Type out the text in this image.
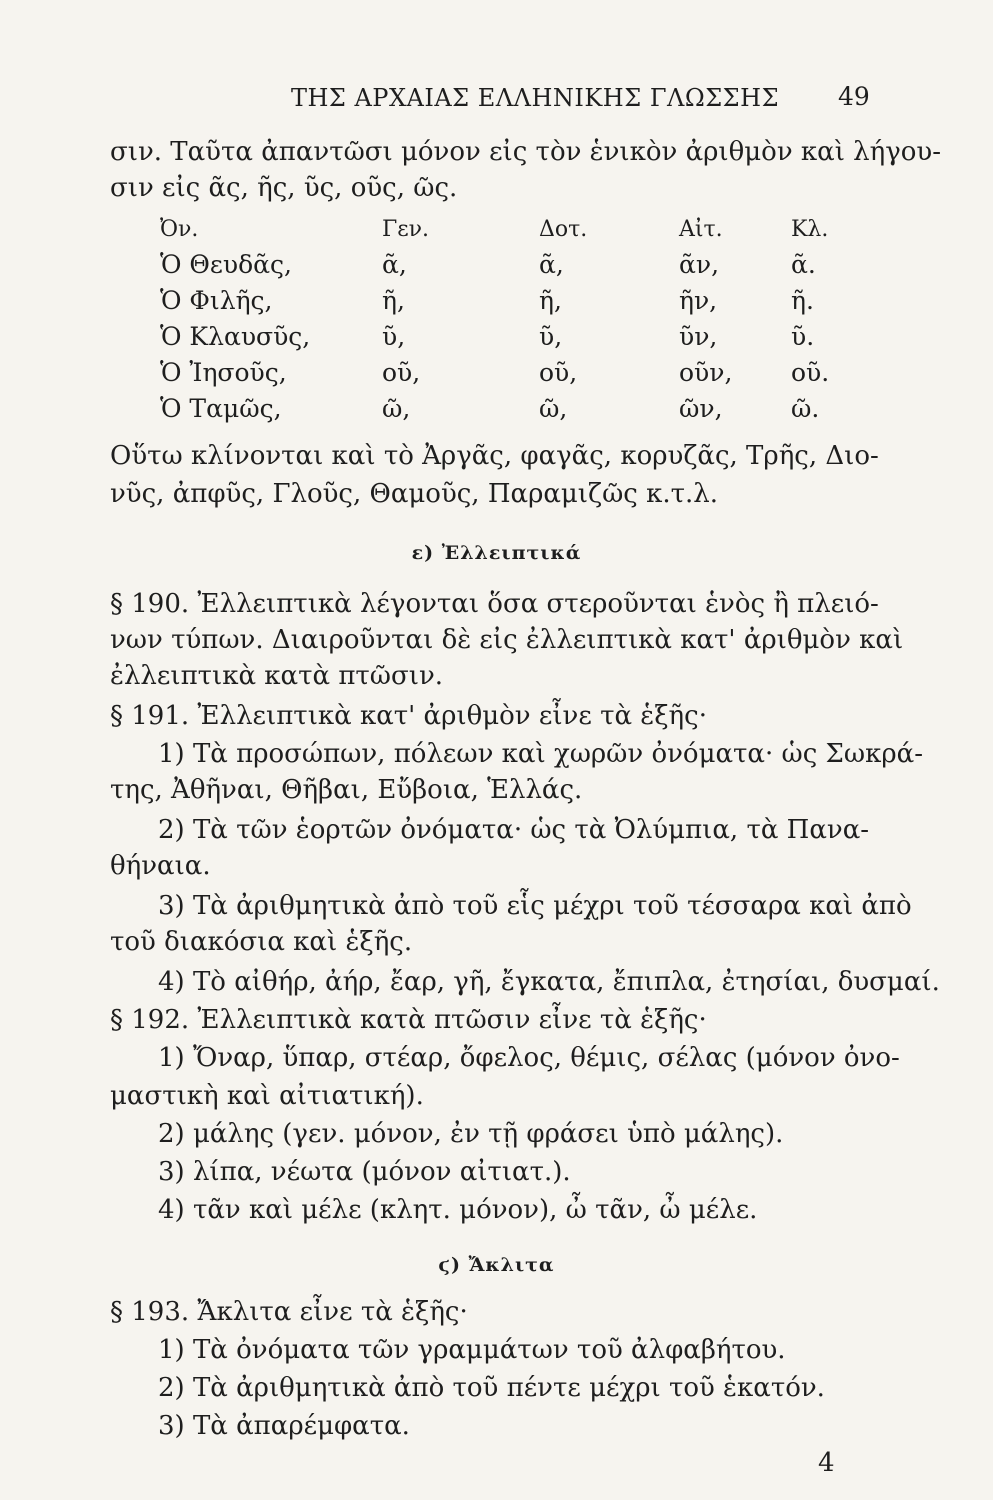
ΤΗΣ ΑΡΧΑΙΑΣ ΕΛΛΗΝΙΚΗΣ ΓΛΩΣΣΗΣ	49
σιν. Ταῦτα ἀπαντῶσι μόνον εἰς τὸν ἑνικὸν ἀριθμὸν καὶ λήγου-
σιν εἰς ᾶς, ῆς, ῦς, οῦς, ῶς.
Ὀν.	Γεν.	Δοτ.	Αἰτ.	Κλ.
Ὁ Θευδᾶς,	ᾶ,	ᾶ,	ᾶν,	ᾶ.
Ὁ Φιλῆς,	ῆ,	ῆ,	ῆν,	ῆ.
Ὁ Κλαυσῦς,	ῦ,	ῦ,	ῦν,	ῦ.
Ὁ Ἰησοῦς,	οῦ,	οῦ,	οῦν,	οῦ.
Ὁ Ταμῶς,	ῶ,	ῶ,	ῶν,	ῶ.
Οὕτω κλίνονται καὶ τὸ Ἀργᾶς, φαγᾶς, κορυζᾶς, Τρῆς, Διο-
νῦς, ἀπφῦς, Γλοῦς, Θαμοῦς, Παραμιζῶς κ.τ.λ.
ε) Ἐλλειπτικά
§ 190. Ἐλλειπτικὰ λέγονται ὅσα στεροῦνται ἑνὸς ἢ πλειό-
νων τύπων. Διαιροῦνται δὲ εἰς ἐλλειπτικὰ κατ' ἀριθμὸν καὶ
ἐλλειπτικὰ κατὰ πτῶσιν.
§ 191. Ἐλλειπτικὰ κατ' ἀριθμὸν εἶνε τὰ ἑξῆς·
1) Τὰ προσώπων, πόλεων καὶ χωρῶν ὀνόματα· ὡς Σωκρά-
της, Ἀθῆναι, Θῆβαι, Εὔβοια, Ἑλλάς.
2) Τὰ τῶν ἑορτῶν ὀνόματα· ὡς τὰ Ὀλύμπια, τὰ Πανα-
θήναια.
3) Τὰ ἀριθμητικὰ ἀπὸ τοῦ εἷς μέχρι τοῦ τέσσαρα καὶ ἀπὸ
τοῦ διακόσια καὶ ἑξῆς.
4) Τὸ αἰθήρ, ἀήρ, ἔαρ, γῆ, ἔγκατα, ἔπιπλα, ἐτησίαι, δυσμαί.
§ 192. Ἐλλειπτικὰ κατὰ πτῶσιν εἶνε τὰ ἑξῆς·
1) Ὄναρ, ὕπαρ, στέαρ, ὄφελος, θέμις, σέλας (μόνον ὀνο-
μαστικὴ καὶ αἰτιατική).
2) μάλης (γεν. μόνον, ἐν τῇ φράσει ὑπὸ μάλης).
3) λίπα, νέωτα (μόνον αἰτιατ.).
4) τᾶν καὶ μέλε (κλητ. μόνον), ὦ τᾶν, ὦ μέλε.
ϛ) Ἄκλιτα
§ 193. Ἄκλιτα εἶνε τὰ ἑξῆς·
1) Τὰ ὀνόματα τῶν γραμμάτων τοῦ ἀλφαβήτου.
2) Τὰ ἀριθμητικὰ ἀπὸ τοῦ πέντε μέχρι τοῦ ἑκατόν.
3) Τὰ ἀπαρέμφατα.
4
